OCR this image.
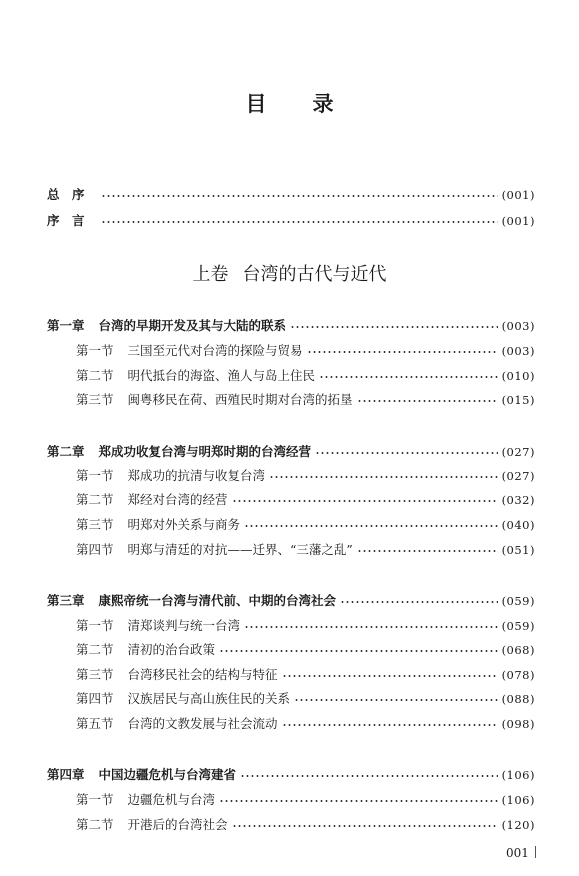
目 录
总　序	(001)
序　言	(001)
上卷 台湾的古代与近代
第一章 台湾的早期开发及其与大陆的联系	(003)
第一节 三国至元代对台湾的探险与贸易	(003)
第二节 明代抵台的海盗、渔人与岛上住民	(010)
第三节 闽粤移民在荷、西殖民时期对台湾的拓垦	(015)
第二章 郑成功收复台湾与明郑时期的台湾经营	(027)
第一节 郑成功的抗清与收复台湾	(027)
第二节 郑经对台湾的经营	(032)
第三节 明郑对外关系与商务	(040)
第四节 明郑与清廷的对抗——迁界、“三藩之乱”	(051)
第三章 康熙帝统一台湾与清代前、中期的台湾社会	(059)
第一节 清郑谈判与统一台湾	(059)
第二节 清初的治台政策	(068)
第三节 台湾移民社会的结构与特征	(078)
第四节 汉族居民与高山族住民的关系	(088)
第五节 台湾的文教发展与社会流动	(098)
第四章 中国边疆危机与台湾建省	(106)
第一节 边疆危机与台湾	(106)
第二节 开港后的台湾社会	(120)
001
